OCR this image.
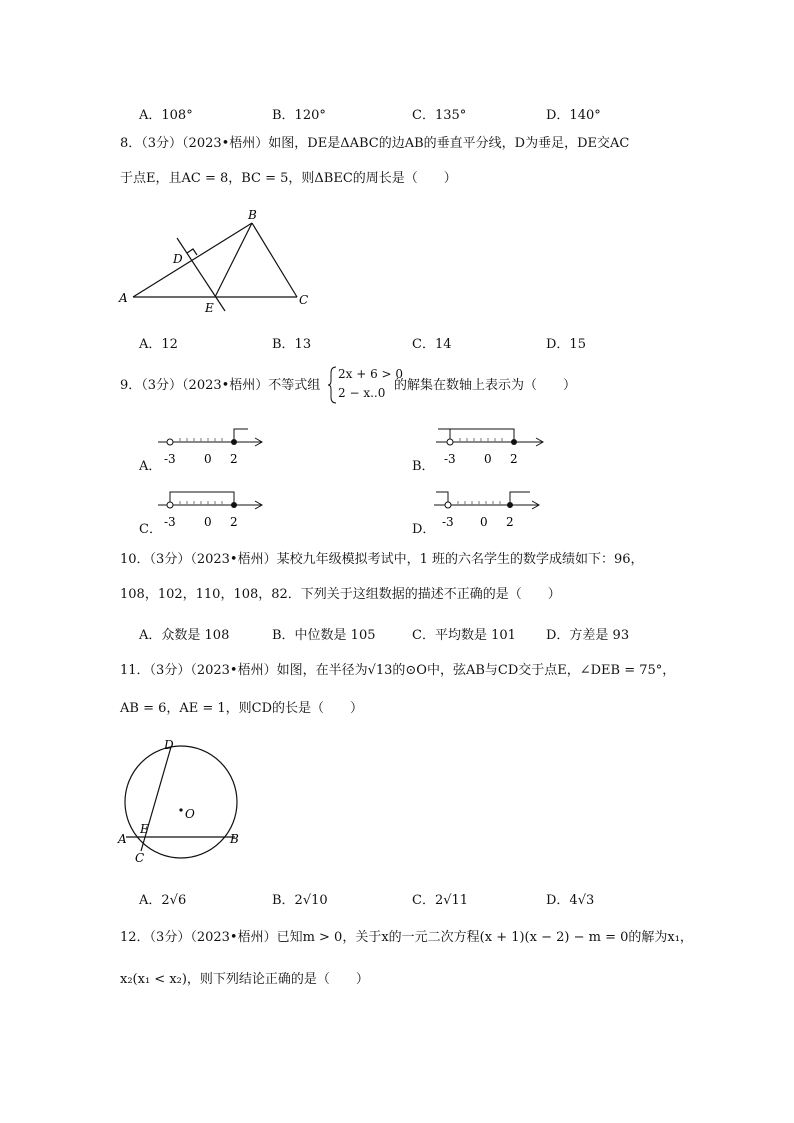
A．108°	B．120°	C．135°	D．140°
8．（3分）（2023•梧州）如图，DE是ΔABC的边AB的垂直平分线，D为垂足，DE交AC
于点E，且AC = 8，BC = 5，则ΔBEC的周长是（　　）
B
D
A
E
C
A．12	B．13	C．14	D．15
9．（3分）（2023•梧州）不等式组
2x + 6 > 0
2 − x..0 的解集在数轴上表示为（　　）
A． -3 0 2	B． -3 0 2
C． -3 0 2	D． -3 0 2
10．（3分）（2023•梧州）某校九年级模拟考试中，1 班的六名学生的数学成绩如下：96，
108，102，110，108，82．下列关于这组数据的描述不正确的是（　　）
A．众数是 108	B．中位数是 105	C．平均数是 101 D．方差是 93
11．（3分）（2023•梧州）如图，在半径为√13的⊙O中，弦AB与CD交于点E，∠DEB = 75°，
AB = 6，AE = 1，则CD的长是（　　）
D
O
A
E
B
C
A．2√6	B．2√10	C．2√11	D．4√3
12．（3分）（2023•梧州）已知m > 0，关于x的一元二次方程(x + 1)(x − 2) − m = 0的解为x₁，
x₂(x₁ < x₂)，则下列结论正确的是（　　）
